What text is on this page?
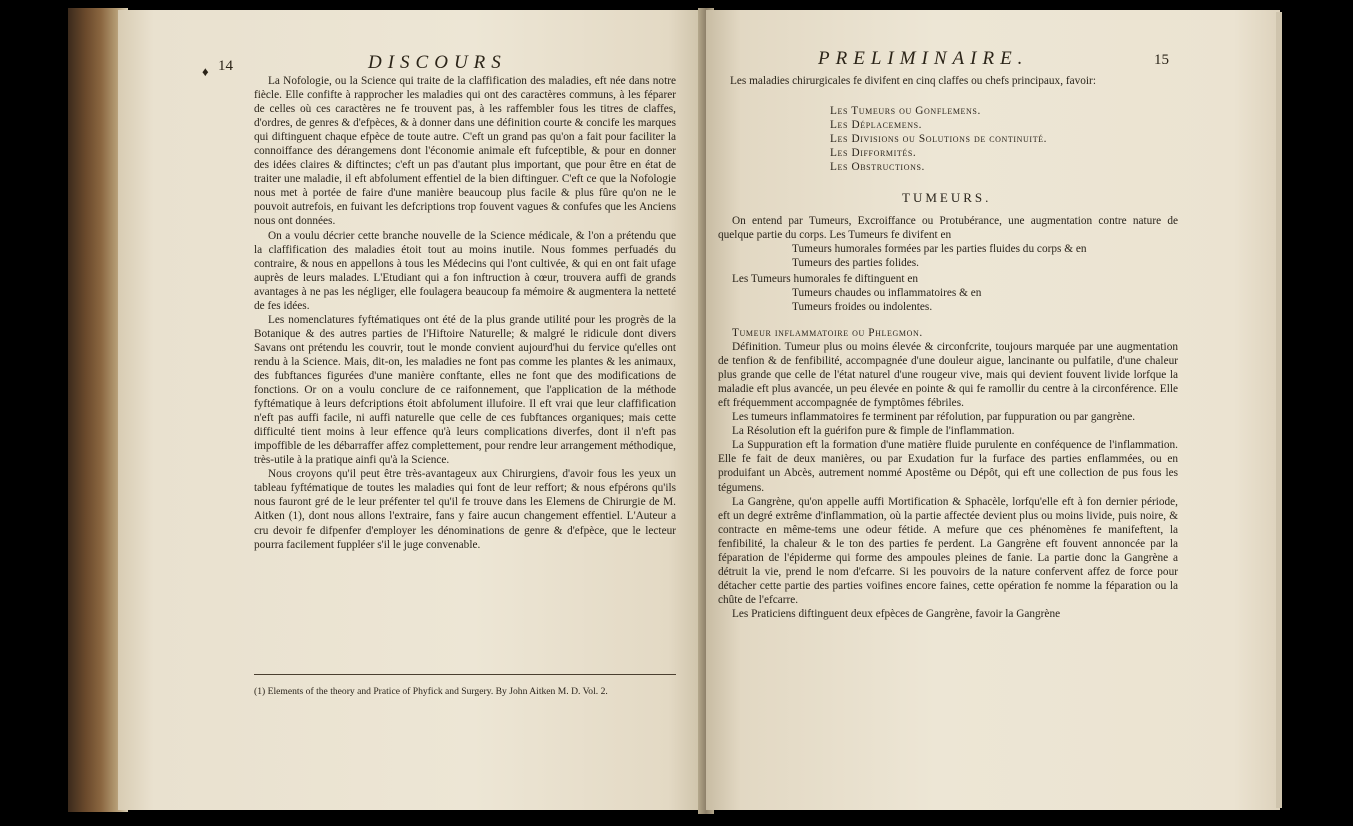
♦ 14	DISCOURS

La Nofologie, ou la Science qui traite de la claffification des maladies, eft née dans notre fiècle. Elle confifte à rapprocher les maladies qui ont des caractères communs, à les féparer de celles où ces caractères ne fe trouvent pas, à les raffembler fous les titres de claffes, d'ordres, de genres & d'efpèces, & à donner dans une définition courte & concife les marques qui diftinguent chaque efpèce de toute autre. C'eft un grand pas qu'on a fait pour faciliter la connoiffance des dérangemens dont l'économie animale eft fufceptible, & pour en donner des idées claires & diftinctes; c'eft un pas d'autant plus important, que pour être en état de traiter une maladie, il eft abfolument effentiel de la bien diftinguer. C'eft ce que la Nofologie nous met à portée de faire d'une manière beaucoup plus facile & plus fûre qu'on ne le pouvoit autrefois, en fuivant les defcriptions trop fouvent vagues & confufes que les Anciens nous ont données.

On a voulu décrier cette branche nouvelle de la Science médicale, & l'on a prétendu que la claffification des maladies étoit tout au moins inutile. Nous fommes perfuadés du contraire, & nous en appellons à tous les Médecins qui l'ont cultivée, & qui en ont fait ufage auprès de leurs malades. L'Etudiant qui a fon inftruction à cœur, trouvera auffi de grands avantages à ne pas les négliger, elle foulagera beaucoup fa mémoire & augmentera la netteté de fes idées.

Les nomenclatures fyftématiques ont été de la plus grande utilité pour les progrès de la Botanique & des autres parties de l'Hiftoire Naturelle; & malgré le ridicule dont divers Savans ont prétendu les couvrir, tout le monde convient aujourd'hui du fervice qu'elles ont rendu à la Science. Mais, dit-on, les maladies ne font pas comme les plantes & les animaux, des fubftances figurées d'une manière conftante, elles ne font que des modifications de fonctions. Or on a voulu conclure de ce raifonnement, que l'application de la méthode fyftématique à leurs defcriptions étoit abfolument illufoire. Il eft vrai que leur claffification n'eft pas auffi facile, ni auffi naturelle que celle de ces fubftances organiques; mais cette difficulté tient moins à leur effence qu'à leurs complications diverfes, dont il n'eft pas impoffible de les débarraffer affez complettement, pour rendre leur arrangement méthodique, très-utile à la pratique ainfi qu'à la Science.

Nous croyons qu'il peut être très-avantageux aux Chirurgiens, d'avoir fous les yeux un tableau fyftématique de toutes les maladies qui font de leur reffort; & nous efpérons qu'ils nous fauront gré de le leur préfenter tel qu'il fe trouve dans les Elemens de Chirurgie de M. Aitken (1), dont nous allons l'extraire, fans y faire aucun changement effentiel. L'Auteur a cru devoir fe difpenfer d'employer les dénominations de genre & d'efpèce, que le lecteur pourra facilement fuppléer s'il le juge convenable.

(1) Elements of the theory and Pratice of Phyfick and Surgery. By John Aitken M. D. Vol. 2.
PRELIMINAIRE.	15

Les maladies chirurgicales fe divifent en cinq claffes ou chefs principaux, favoir:

Les Tumeurs ou Gonflemens.
Les Déplacemens.
Les Divisions ou Solutions de continuité.
Les Difformités.
Les Obstructions.
TUMEURS.

On entend par Tumeurs, Excroiffance ou Protubérance, une augmentation contre nature de quelque partie du corps. Les Tumeurs fe divifent en

Tumeurs humorales formées par les parties fluides du corps & en
Tumeurs des parties folides.

Les Tumeurs humorales fe diftinguent en

Tumeurs chaudes ou inflammatoires & en
Tumeurs froides ou indolentes.

Tumeur inflammatoire ou Phlegmon.

Définition. Tumeur plus ou moins élevée & circonfcrite, toujours marquée par une augmentation de tenfion & de fenfibilité, accompagnée d'une douleur aigue, lancinante ou pulfatile, d'une chaleur plus grande que celle de l'état naturel d'une rougeur vive, mais qui devient fouvent livide lorfque la maladie eft plus avancée, un peu élevée en pointe & qui fe ramollir du centre à la circonférence. Elle eft fréquemment accompagnée de fymptômes fébriles.

Les tumeurs inflammatoires fe terminent par réfolution, par fuppuration ou par gangrène.

La Résolution eft la guérifon pure & fimple de l'inflammation.

La Suppuration eft la formation d'une matière fluide purulente en conféquence de l'inflammation. Elle fe fait de deux manières, ou par Exudation fur la furface des parties enflammées, ou en produifant un Abcès, autrement nommé Apostême ou Dépôt, qui eft une collection de pus fous les tégumens.

La Gangrène, qu'on appelle auffi Mortification & Sphacèle, lorfqu'elle eft à fon dernier période, eft un degré extrême d'inflammation, où la partie affectée devient plus ou moins livide, puis noire, & contracte en même-tems une odeur fétide. A mefure que ces phénomènes fe manifeftent, la fenfibilité, la chaleur & le ton des parties fe perdent. La Gangrène eft fouvent annoncée par la féparation de l'épiderme qui forme des ampoules pleines de fanie. La partie donc la Gangrène a détruit la vie, prend le nom d'efcarre. Si les pouvoirs de la nature confervent affez de force pour détacher cette partie des parties voifines encore faines, cette opération fe nomme la féparation ou la chûte de l'efcarre.

Les Praticiens diftinguent deux efpèces de Gangrène, favoir la Gangrène
